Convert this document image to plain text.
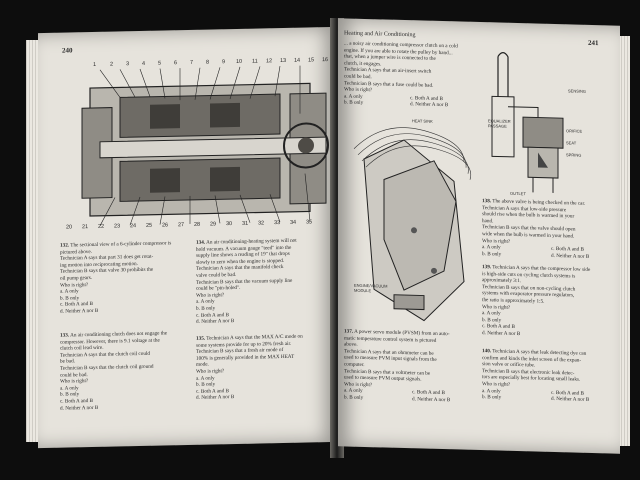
240
1	2 3 4 5 6 7 8 9 10 11 12 13 14 15 16
20 21 22 23 24 25 26 27 28 29 30 31 32 33 34 35

132. The sectional view of a 6-cylinder compressor is

pictured above.

Technician A says that part 31 does get rotat-

ing motion into reciprocating motion.

Technician B says that valve 30 prohibits the

oil pump gears.

Who is right?

a. A only
b. B only
c. Both A and B
d. Neither A nor B

133. An air conditioning clutch does not engage the

compressor. However, there is 9.1 voltage at the

clutch coil lead wire.

Technician A says that the clutch coil could

be bad.

Technician B says that the clutch coil ground

could be bad.

Who is right?

a. A only
b. B only
c. Both A and B
d. Neither A nor B

134. An air conditioning-heating system will not

hold vacuum. A vacuum gauge "teed" into the

supply line shows a reading of 19" that drops

slowly to zero when the engine is stopped.

Technician A says that the manifold check

valve could be bad.

Technician B says that the vacuum supply line

could be "pin-holed".

Who is right?

a. A only
b. B only
c. Both A and B
d. Neither A nor B

135. Technician A says that the MAX A/C mode on

some systems provide for up to 20% fresh air.

Technician B says that a fresh air mode of

100% is generally provided in the MAX HEAT

mode.

Who is right?

a. A only
b. B only
c. Both A and B
d. Neither A nor B
Heating and Air Conditioning
241

... a noisy air conditioning compressor clutch on a cold

engine. If you are able to rotate the pulley by hand...

that, when a jumper wire is connected to the

clutch, it engages.

Technician A says that an air-insert switch

could be bad.

Technician B says that a fuse could be bad.

Who is right?

a. A only	c. Both A and B
b. B only	d. Neither A nor B
HEAT SINK
ENGINE/VACUUM MODULE
SENSING
EQUALIZER PASSAGE
ORIFICE
SEAT
SPRING
OUTLET

137. A power servo module (PVSM) from an auto-

matic temperature control system is pictured

above.

Technician A says that an ohmmeter can be

used to measure PVM input signals from the

computer.

Technician B says that a voltmeter can be

used to measure PVM output signals.

Who is right?

a. A only	c. Both A and B
b. B only	d. Neither A nor B

138. The above valve is being checked on the car.

Technician A says that low-side pressure

should rise when the bulb is warmed in your

hand.

Technician B says that the valve should open

wide when the bulb is warmed in your hand.

Who is right?

a. A only	c. Both A and B
b. B only	d. Neither A nor B

139. Technician A says that the compressor low side

is high-side cuts on cycling clutch systems is

approximately 3:1.

Technician B says that on non-cycling clutch

systems with evaporator pressure regulators,

the ratio is approximately 1:5.

Who is right?

a. A only
b. B only
c. Both A and B
d. Neither A nor B

140. Technician A says that leak detecting dye can

confirm and kinds the inlet screen of the expan-

sion valve or orifice tube.

Technician B says that electronic leak detec-

tors are especially best for locating small leaks.

Who is right?

a. A only	c. Both A and B
b. B only	d. Neither A nor B
